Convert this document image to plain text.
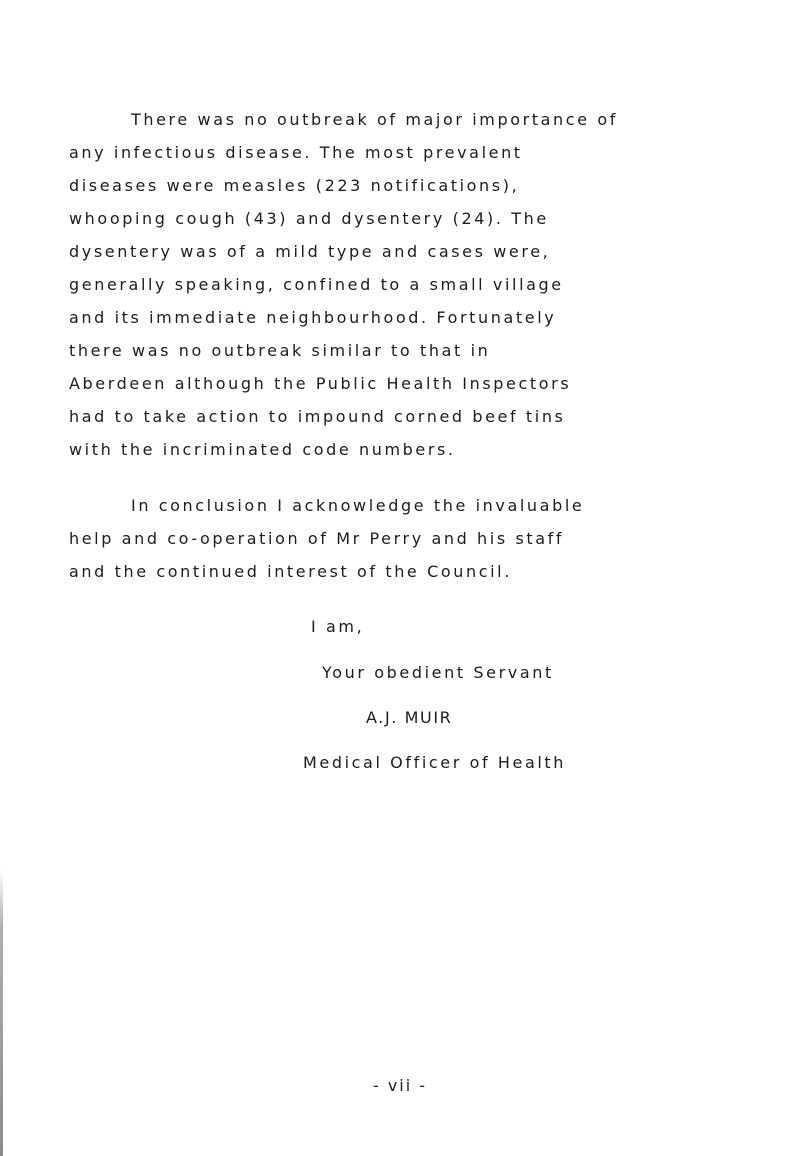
There was no outbreak of major importance of
any infectious disease. The most prevalent
diseases were measles (223 notifications),
whooping cough (43) and dysentery (24). The
dysentery was of a mild type and cases were,
generally speaking, confined to a small village
and its immediate neighbourhood. Fortunately
there was no outbreak similar to that in
Aberdeen although the Public Health Inspectors
had to take action to impound corned beef tins
with the incriminated code numbers.
In conclusion I acknowledge the invaluable
help and co-operation of Mr Perry and his staff
and the continued interest of the Council.
I am,
Your obedient Servant
A.J. MUIR
Medical Officer of Health
- vii -
